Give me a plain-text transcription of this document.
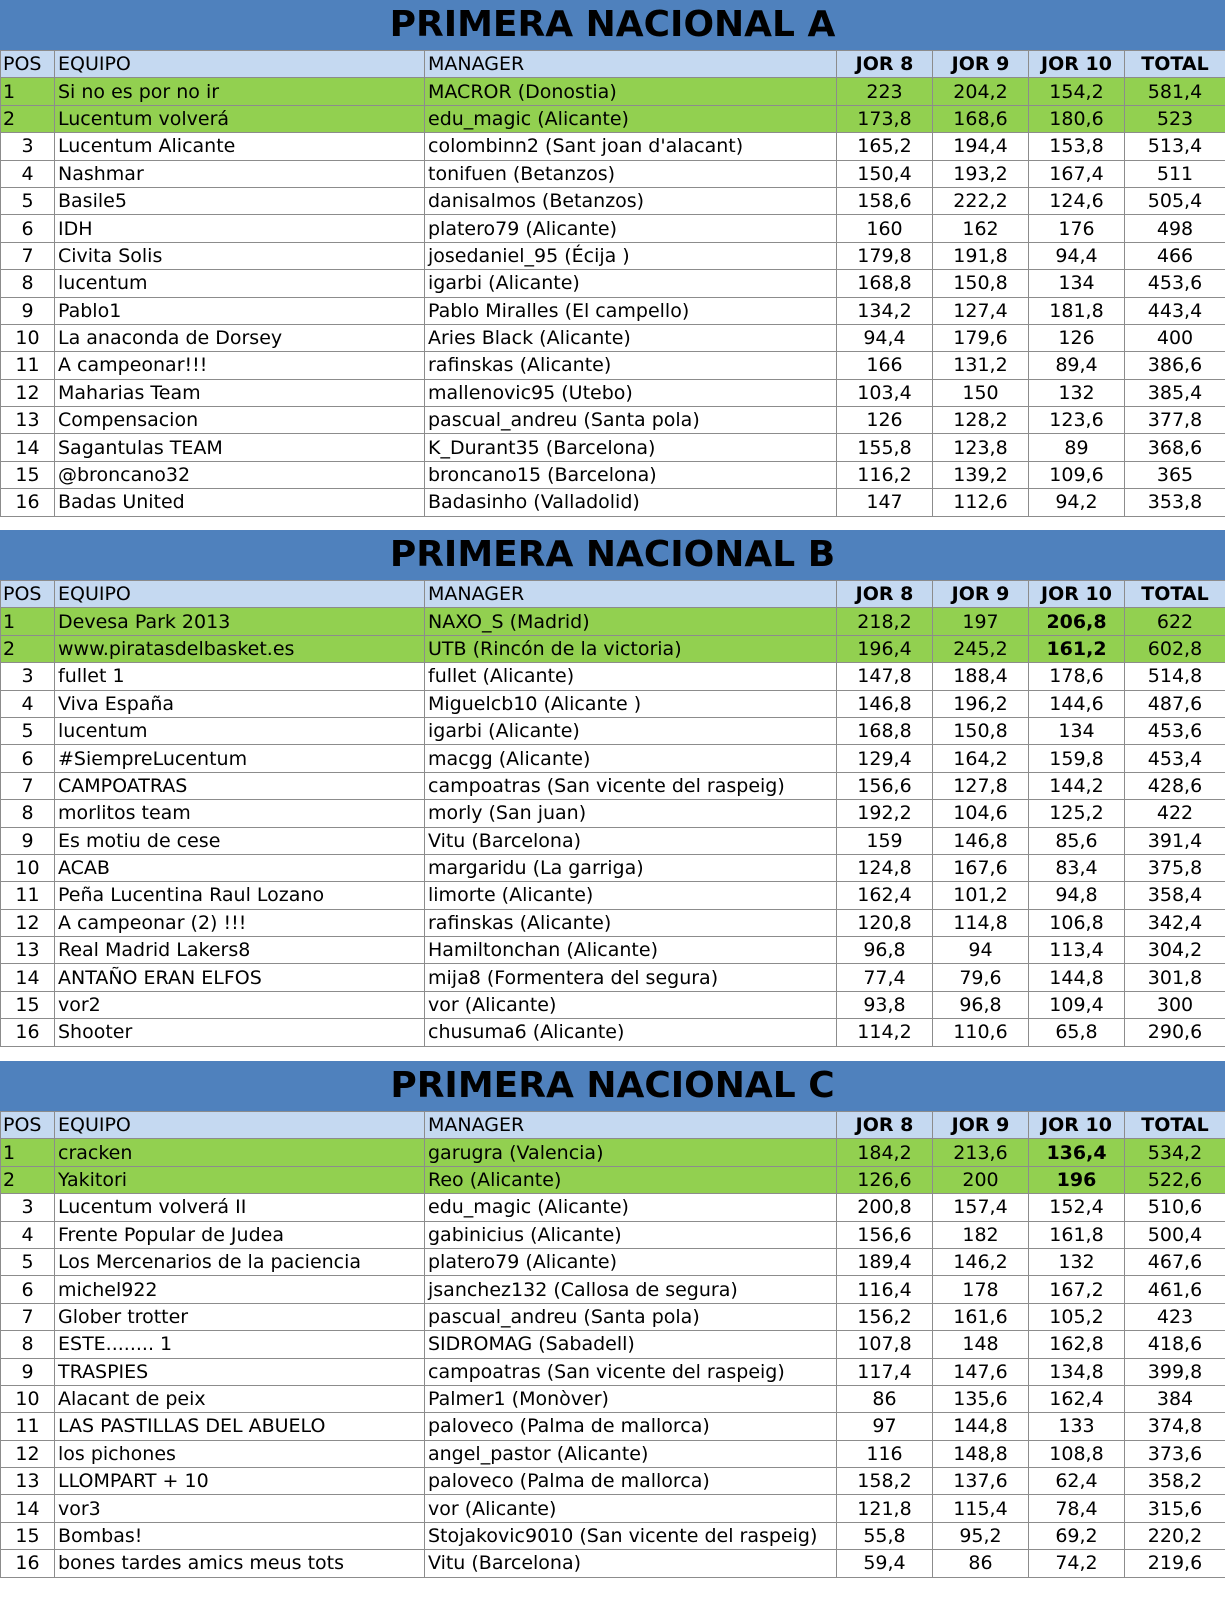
PRIMERA NACIONAL A
POS	EQUIPO	MANAGER	JOR 8	JOR 9	JOR 10	TOTAL
1	Si no es por no ir	MACROR (Donostia)	223	204,2	154,2	581,4
2	Lucentum volverá	edu_magic (Alicante)	173,8	168,6	180,6	523
3	Lucentum Alicante	colombinn2 (Sant joan d'alacant)	165,2	194,4	153,8	513,4
4	Nashmar	tonifuen (Betanzos)	150,4	193,2	167,4	511
5	Basile5	danisalmos (Betanzos)	158,6	222,2	124,6	505,4
6	IDH	platero79 (Alicante)	160	162	176	498
7	Civita Solis	josedaniel_95 (Écija )	179,8	191,8	94,4	466
8	lucentum	igarbi (Alicante)	168,8	150,8	134	453,6
9	Pablo1	Pablo Miralles (El campello)	134,2	127,4	181,8	443,4
10	La anaconda de Dorsey	Aries Black (Alicante)	94,4	179,6	126	400
11	A campeonar!!!	rafinskas (Alicante)	166	131,2	89,4	386,6
12	Maharias Team	mallenovic95 (Utebo)	103,4	150	132	385,4
13	Compensacion	pascual_andreu (Santa pola)	126	128,2	123,6	377,8
14	Sagantulas TEAM	K_Durant35 (Barcelona)	155,8	123,8	89	368,6
15	@broncano32	broncano15 (Barcelona)	116,2	139,2	109,6	365
16	Badas United	Badasinho (Valladolid)	147	112,6	94,2	353,8
PRIMERA NACIONAL B
POS	EQUIPO	MANAGER	JOR 8	JOR 9	JOR 10	TOTAL
1	Devesa Park 2013	NAXO_S (Madrid)	218,2	197	206,8	622
2	www.piratasdelbasket.es	UTB (Rincón de la victoria)	196,4	245,2	161,2	602,8
3	fullet 1	fullet (Alicante)	147,8	188,4	178,6	514,8
4	Viva España	Miguelcb10 (Alicante )	146,8	196,2	144,6	487,6
5	lucentum	igarbi (Alicante)	168,8	150,8	134	453,6
6	#SiempreLucentum	macgg (Alicante)	129,4	164,2	159,8	453,4
7	CAMPOATRAS	campoatras (San vicente del raspeig)	156,6	127,8	144,2	428,6
8	morlitos team	morly (San juan)	192,2	104,6	125,2	422
9	Es motiu de cese	Vitu (Barcelona)	159	146,8	85,6	391,4
10	ACAB	margaridu (La garriga)	124,8	167,6	83,4	375,8
11	Peña Lucentina Raul Lozano	limorte (Alicante)	162,4	101,2	94,8	358,4
12	A campeonar (2) !!!	rafinskas (Alicante)	120,8	114,8	106,8	342,4
13	Real Madrid Lakers8	Hamiltonchan (Alicante)	96,8	94	113,4	304,2
14	ANTAÑO ERAN ELFOS	mija8 (Formentera del segura)	77,4	79,6	144,8	301,8
15	vor2	vor (Alicante)	93,8	96,8	109,4	300
16	Shooter	chusuma6 (Alicante)	114,2	110,6	65,8	290,6
PRIMERA NACIONAL C
POS	EQUIPO	MANAGER	JOR 8	JOR 9	JOR 10	TOTAL
1	cracken	garugra (Valencia)	184,2	213,6	136,4	534,2
2	Yakitori	Reo (Alicante)	126,6	200	196	522,6
3	Lucentum volverá II	edu_magic (Alicante)	200,8	157,4	152,4	510,6
4	Frente Popular de Judea	gabinicius (Alicante)	156,6	182	161,8	500,4
5	Los Mercenarios de la paciencia	platero79 (Alicante)	189,4	146,2	132	467,6
6	michel922	jsanchez132 (Callosa de segura)	116,4	178	167,2	461,6
7	Glober trotter	pascual_andreu (Santa pola)	156,2	161,6	105,2	423
8	ESTE........ 1	SIDROMAG (Sabadell)	107,8	148	162,8	418,6
9	TRASPIES	campoatras (San vicente del raspeig)	117,4	147,6	134,8	399,8
10	Alacant de peix	Palmer1 (Monòver)	86	135,6	162,4	384
11	LAS PASTILLAS DEL ABUELO	paloveco (Palma de mallorca)	97	144,8	133	374,8
12	los pichones	angel_pastor (Alicante)	116	148,8	108,8	373,6
13	LLOMPART + 10	paloveco (Palma de mallorca)	158,2	137,6	62,4	358,2
14	vor3	vor (Alicante)	121,8	115,4	78,4	315,6
15	Bombas!	Stojakovic9010 (San vicente del raspeig)	55,8	95,2	69,2	220,2
16	bones tardes amics meus tots	Vitu (Barcelona)	59,4	86	74,2	219,6
